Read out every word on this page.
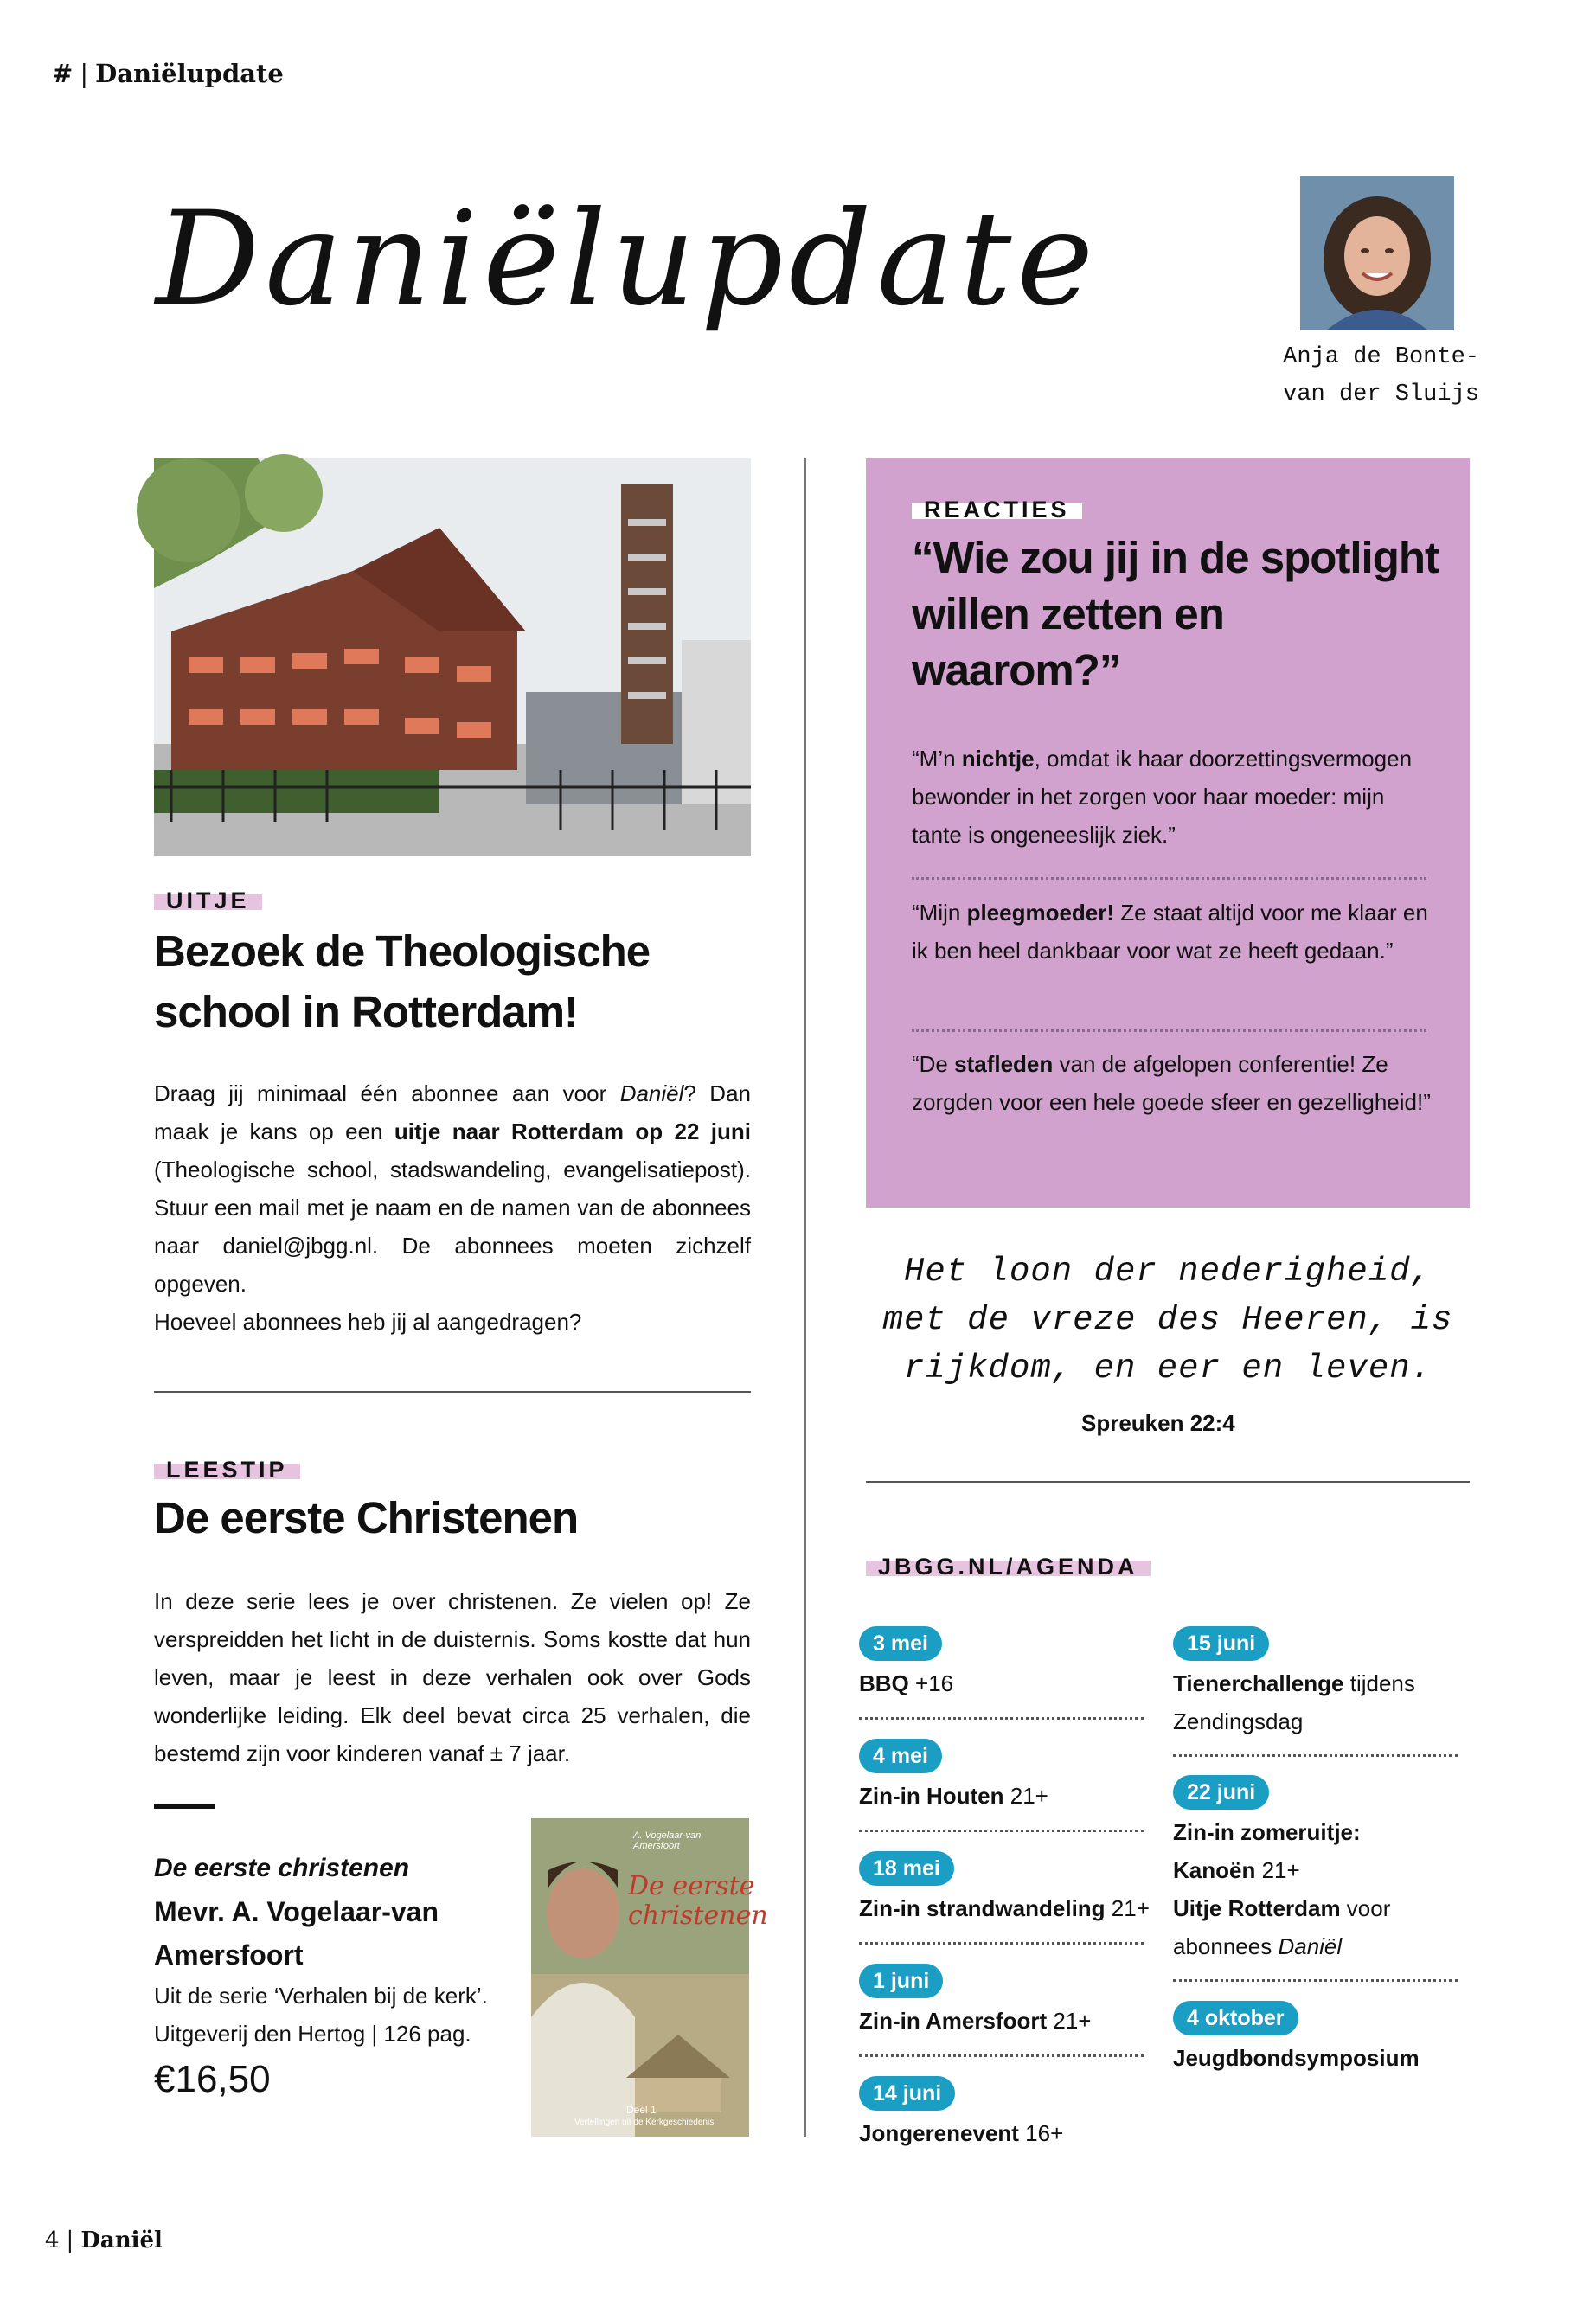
# | Daniëlupdate
Daniëlupdate
Anja de Bonte-
van der Sluijs
UITJE
Bezoek de Theologische school in Rotterdam!
Draag jij minimaal één abonnee aan voor Daniël? Dan maak je kans op een uitje naar Rotterdam op 22 juni (Theologische school, stadswandeling, evangelisatiepost). Stuur een mail met je naam en de namen van de abonnees naar daniel@jbgg.nl. De abonnees moeten zichzelf opgeven.
Hoeveel abonnees heb jij al aangedragen?
LEESTIP
De eerste Christenen
In deze serie lees je over christenen. Ze vielen op! Ze verspreidden het licht in de duisternis. Soms kostte dat hun leven, maar je leest in deze verhalen ook over Gods wonderlijke leiding. Elk deel bevat circa 25 verhalen, die bestemd zijn voor kinderen vanaf ± 7 jaar.
De eerste christenen
Mevr. A. Vogelaar-van Amersfoort
Uit de serie ‘Verhalen bij de kerk’.
Uitgeverij den Hertog | 126 pag.
€16,50
A. Vogelaar-van Amersfoort
De eerste
christenen
Deel 1
Vertellingen uit de Kerkgeschiedenis
REACTIES
“Wie zou jij in de spotlight willen zetten en waarom?”
“M’n nichtje, omdat ik haar doorzettingsvermogen bewonder in het zorgen voor haar moeder: mijn tante is ongeneeslijk ziek.”
“Mijn pleegmoeder! Ze staat altijd voor me klaar en ik ben heel dankbaar voor wat ze heeft gedaan.”
“De stafleden van de afgelopen conferentie! Ze zorgden voor een hele goede sfeer en gezelligheid!”
Het loon der nederigheid,
met de vreze des Heeren, is
rijkdom, en eer en leven.
Spreuken 22:4
JBGG.NL/AGENDA
3 mei
BBQ +16
4 mei
Zin-in Houten 21+
18 mei
Zin-in strandwandeling 21+
1 juni
Zin-in Amersfoort 21+
14 juni
Jongerenevent 16+
15 juni
Tienerchallenge tijdens Zendingsdag
22 juni
Zin-in zomeruitje:
Kanoën 21+
Uitje Rotterdam voor abonnees Daniël
4 oktober
Jeugdbondsymposium
4 | Daniël
